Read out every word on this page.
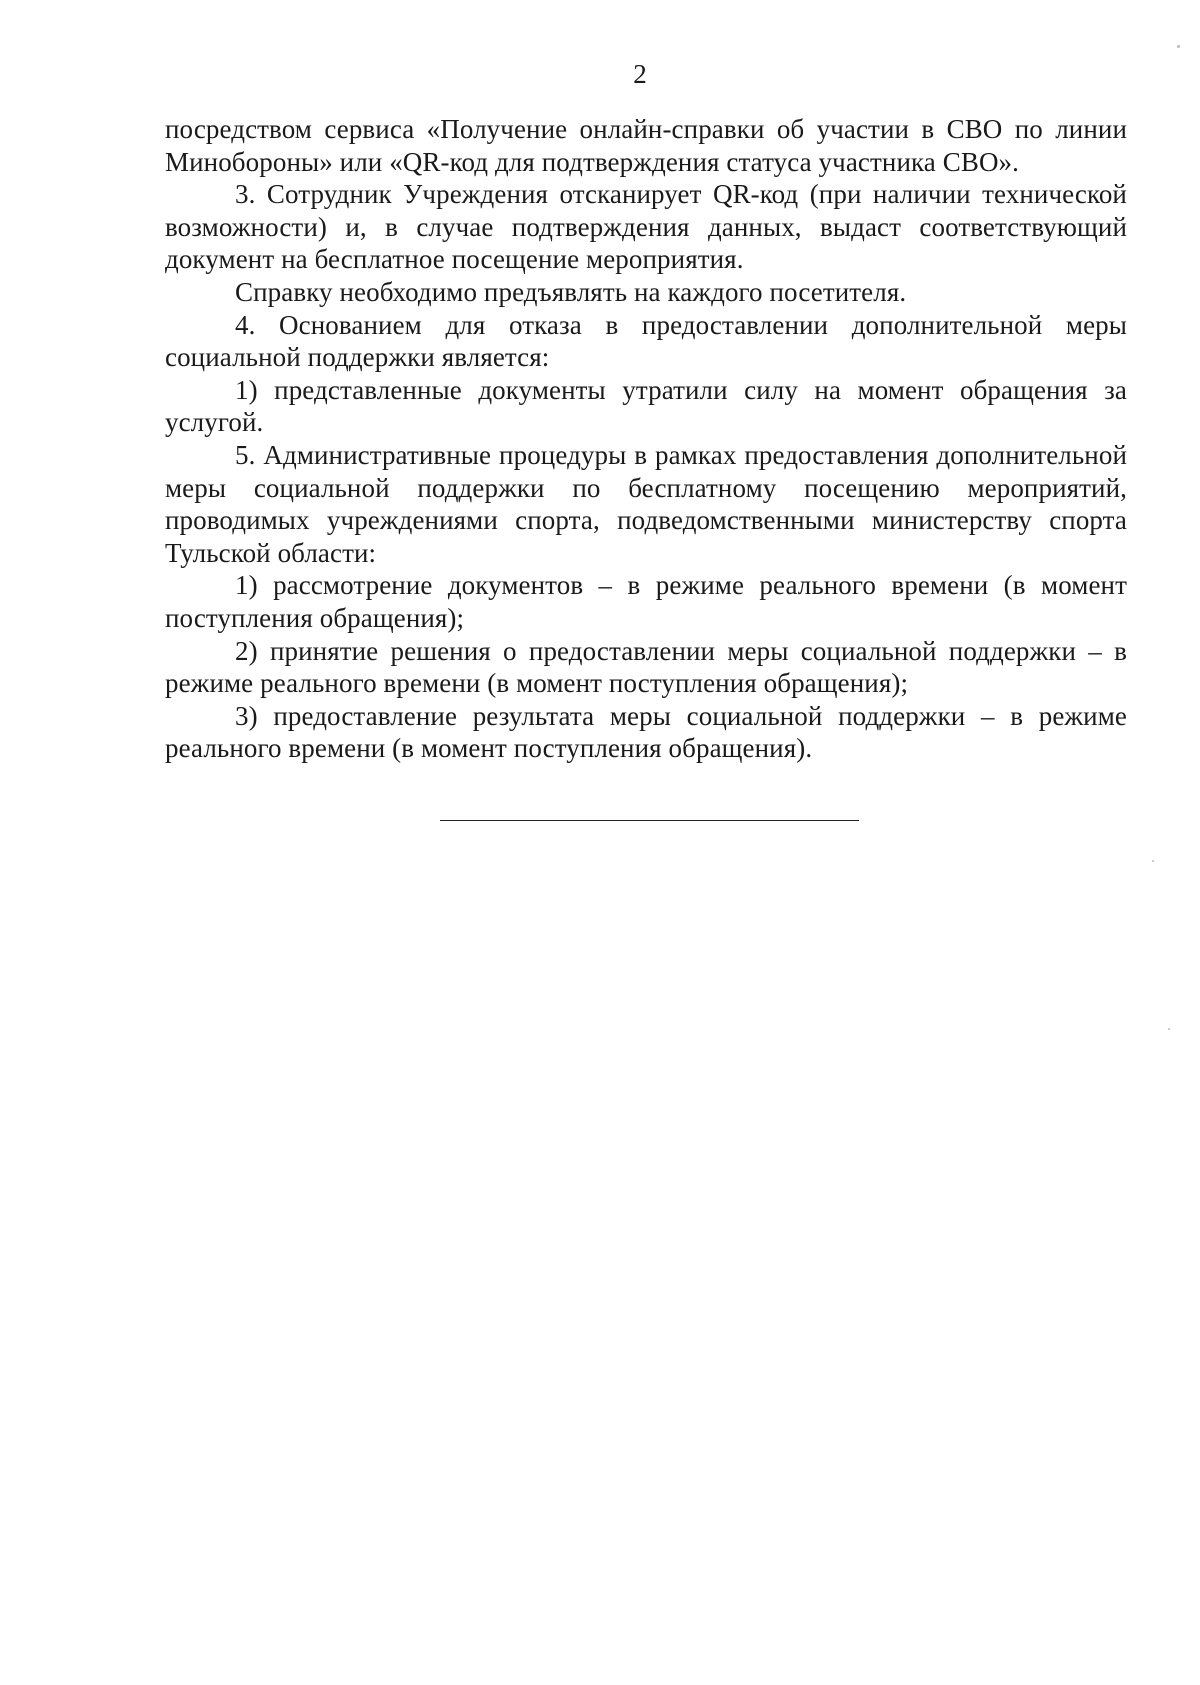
2

посредством сервиса «Получение онлайн-справки об участии в СВО по линии Минобороны» или «QR-код для подтверждения статуса участника СВО».

3. Сотрудник Учреждения отсканирует QR-код (при наличии технической возможности) и, в случае подтверждения данных, выдаст соответствующий документ на бесплатное посещение мероприятия.

Справку необходимо предъявлять на каждого посетителя.

4. Основанием для отказа в предоставлении дополнительной меры социальной поддержки является:

1) представленные документы утратили силу на момент обращения за услугой.

5. Административные процедуры в рамках предоставления дополнительной меры социальной поддержки по бесплатному посещению мероприятий, проводимых учреждениями спорта, подведомственными министерству спорта Тульской области:

1) рассмотрение документов – в режиме реального времени (в момент поступления обращения);

2) принятие решения о предоставлении меры социальной поддержки – в режиме реального времени (в момент поступления обращения);

3) предоставление результата меры социальной поддержки – в режиме реального времени (в момент поступления обращения).
